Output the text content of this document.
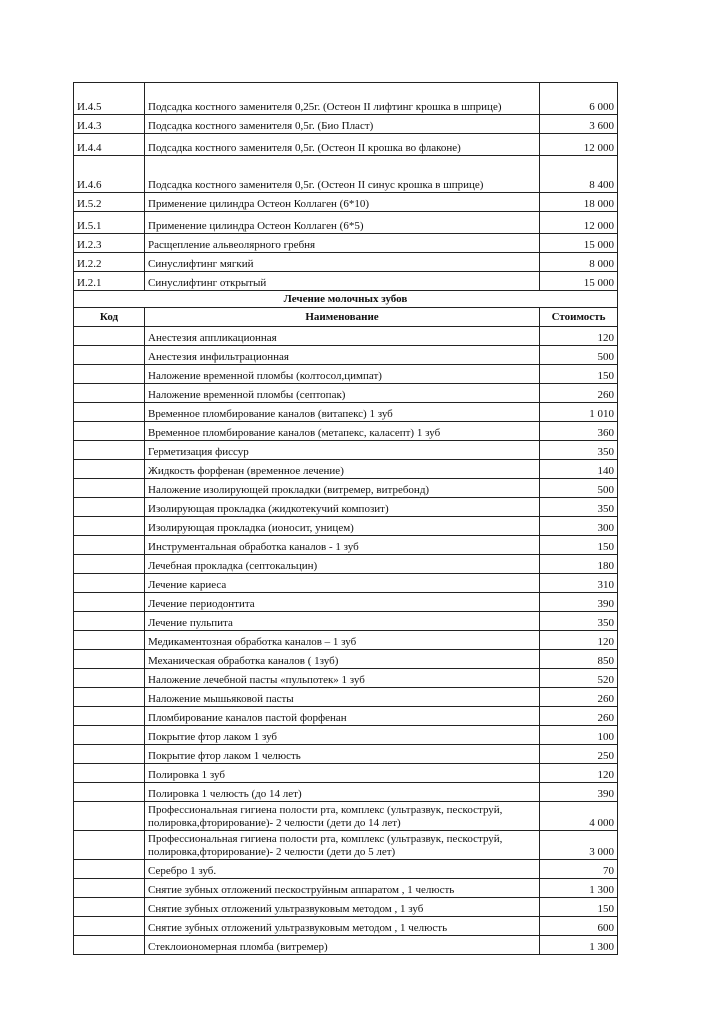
И.4.5	Подсадка костного заменителя 0,25г. (Остеон II лифтинг крошка в шприце)	6 000
И.4.3	Подсадка костного заменителя 0,5г. (Био Пласт)	3 600
И.4.4	Подсадка костного заменителя 0,5г. (Остеон II крошка во флаконе)	12 000
И.4.6	Подсадка костного заменителя 0,5г. (Остеон II синус крошка в шприце)	8 400
И.5.2	Применение цилиндра Остеон Коллаген (6*10)	18 000
И.5.1	Применение цилиндра Остеон Коллаген (6*5)	12 000
И.2.3	Расщепление альвеолярного гребня	15 000
И.2.2	Синуслифтинг мягкий	8 000
И.2.1	Синуслифтинг открытый	15 000
Лечение молочных зубов		
Код	Наименование	Стоимость
	Анестезия аппликационная	120
	Анестезия инфильтрационная	500
	Наложение временной пломбы (колтосол,цимпат)	150
	Наложение временной пломбы (септопак)	260
	Временное пломбирование каналов (витапекс) 1 зуб	1 010
	Временное пломбирование каналов (метапекс, каласепт) 1 зуб	360
	Герметизация фиссур	350
	Жидкость форфенан (временное лечение)	140
	Наложение изолирующей прокладки (витремер, витребонд)	500
	Изолирующая прокладка (жидкотекучий композит)	350
	Изолирующая прокладка (ионосит, уницем)	300
	Инструментальная обработка каналов - 1 зуб	150
	Лечебная прокладка (септокальцин)	180
	Лечение кариеса	310
	Лечение периодонтита	390
	Лечение пульпита	350
	Медикаментозная обработка каналов – 1 зуб	120
	Механическая обработка каналов ( 1зуб)	850
	Наложение лечебной пасты «пульпотек» 1 зуб	520
	Наложение мышьяковой пасты	260
	Пломбирование каналов пастой форфенан	260
	Покрытие фтор лаком 1 зуб	100
	Покрытие фтор лаком 1 челюсть	250
	Полировка 1 зуб	120
	Полировка 1 челюсть (до 14 лет)	390
	Профессиональная гигиена полости рта, комплекс (ультразвук, пескоструй, полировка,фторирование)- 2 челюсти (дети до 14 лет)	4 000
	Профессиональная гигиена полости рта, комплекс (ультразвук, пескоструй, полировка,фторирование)- 2 челюсти (дети до 5 лет)	3 000
	Серебро 1 зуб.	70
	Снятие зубных отложений пескоструйным аппаратом , 1 челюсть	1 300
	Снятие зубных отложений ультразвуковым методом , 1 зуб	150
	Снятие зубных отложений ультразвуковым методом , 1 челюсть	600
	Стеклоиономерная пломба (витремер)	1 300
